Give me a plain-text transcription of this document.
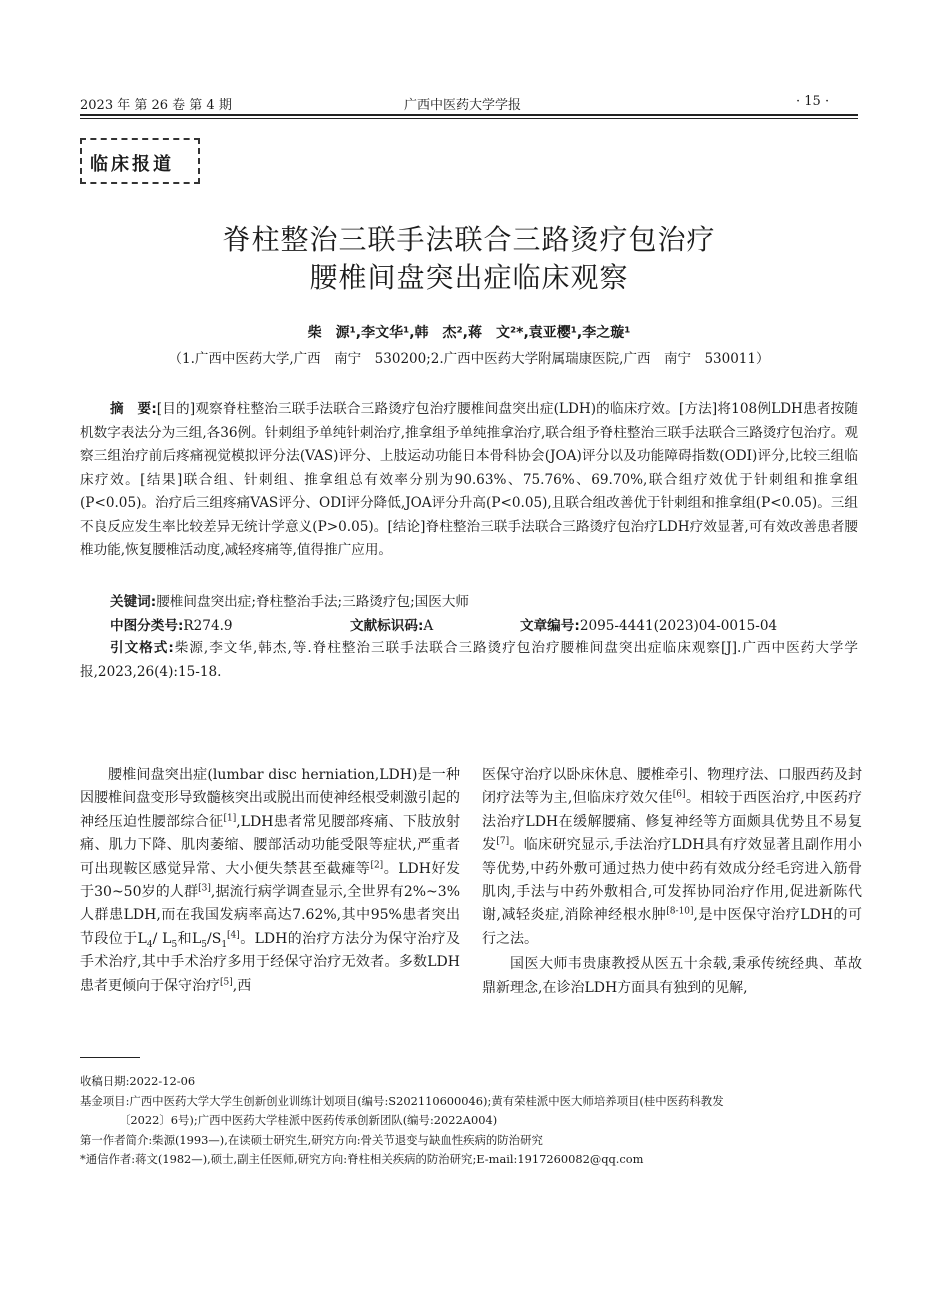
2023 年 第 26 卷 第 4 期	广西中医药大学学报	· 15 ·
临床报道
脊柱整治三联手法联合三路烫疗包治疗
腰椎间盘突出症临床观察
柴　源¹,李文华¹,韩　杰²,蒋　文²*,袁亚樱¹,李之璇¹
（1.广西中医药大学,广西　南宁　530200;2.广西中医药大学附属瑞康医院,广西　南宁　530011）
摘　要:[目的]观察脊柱整治三联手法联合三路烫疗包治疗腰椎间盘突出症(LDH)的临床疗效。[方法]将108例LDH患者按随机数字表法分为三组,各36例。针刺组予单纯针刺治疗,推拿组予单纯推拿治疗,联合组予脊柱整治三联手法联合三路烫疗包治疗。观察三组治疗前后疼痛视觉模拟评分法(VAS)评分、上肢运动功能日本骨科协会(JOA)评分以及功能障碍指数(ODI)评分,比较三组临床疗效。[结果]联合组、针刺组、推拿组总有效率分别为90.63%、75.76%、69.70%,联合组疗效优于针刺组和推拿组(P<0.05)。治疗后三组疼痛VAS评分、ODI评分降低,JOA评分升高(P<0.05),且联合组改善优于针刺组和推拿组(P<0.05)。三组不良反应发生率比较差异无统计学意义(P>0.05)。[结论]脊柱整治三联手法联合三路烫疗包治疗LDH疗效显著,可有效改善患者腰椎功能,恢复腰椎活动度,减轻疼痛等,值得推广应用。
关键词:腰椎间盘突出症;脊柱整治手法;三路烫疗包;国医大师
中图分类号:R274.9	文献标识码:A	文章编号:2095-4441(2023)04-0015-04
引文格式:柴源,李文华,韩杰,等.脊柱整治三联手法联合三路烫疗包治疗腰椎间盘突出症临床观察[J].广西中医药大学学报,2023,26(4):15-18.

腰椎间盘突出症(lumbar disc herniation,LDH)是一种因腰椎间盘变形导致髓核突出或脱出而使神经根受刺激引起的神经压迫性腰部综合征[1],LDH患者常见腰部疼痛、下肢放射痛、肌力下降、肌肉萎缩、腰部活动功能受限等症状,严重者可出现鞍区感觉异常、大小便失禁甚至截瘫等[2]。LDH好发于30~50岁的人群[3],据流行病学调查显示,全世界有2%~3%人群患LDH,而在我国发病率高达7.62%,其中95%患者突出节段位于$L_4/$ $L_5$和$L_5/S_1[4]$。LDH的治疗方法分为保守治疗及手术治疗,其中手术治疗多用于经保守治疗无效者。多数LDH患者更倾向于保守治疗[5],西

医保守治疗以卧床休息、腰椎牵引、物理疗法、口服西药及封闭疗法等为主,但临床疗效欠佳[6]。相较于西医治疗,中医药疗法治疗LDH在缓解腰痛、修复神经等方面颇具优势且不易复发[7]。临床研究显示,手法治疗LDH具有疗效显著且副作用小等优势,中药外敷可通过热力使中药有效成分经毛窍进入筋骨肌肉,手法与中药外敷相合,可发挥协同治疗作用,促进新陈代谢,减轻炎症,消除神经根水肿[8-10],是中医保守治疗LDH的可行之法。

国医大师韦贵康教授从医五十余载,秉承传统经典、革故鼎新理念,在诊治LDH方面具有独到的见解,

收稿日期:2022-12-06
基金项目:广西中医药大学大学生创新创业训练计划项目(编号:S202110600046);黄有荣桂派中医大师培养项目(桂中医药科教发
〔2022〕6号);广西中医药大学桂派中医药传承创新团队(编号:2022A004)
第一作者简介:柴源(1993—),在读硕士研究生,研究方向:骨关节退变与缺血性疾病的防治研究
*通信作者:蒋文(1982—),硕士,副主任医师,研究方向:脊柱相关疾病的防治研究;E-mail:1917260082@qq.com
